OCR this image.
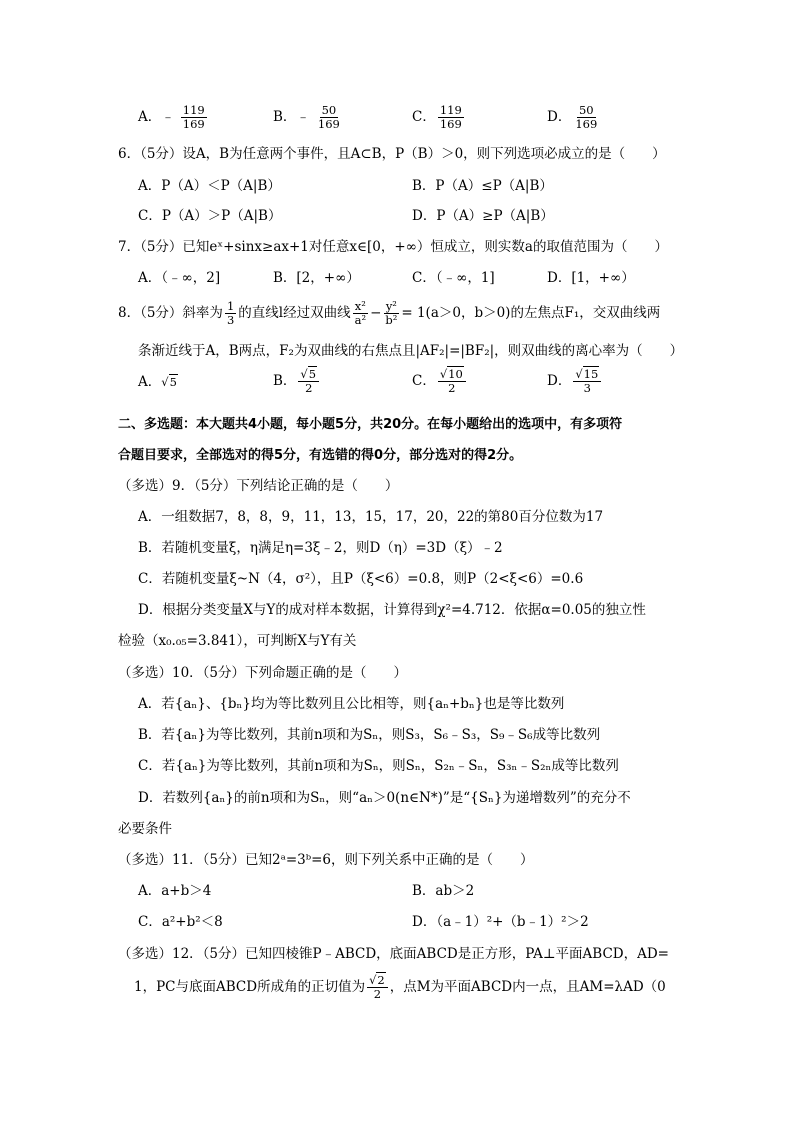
A．﹣ $\frac{119}{169}$	B．﹣ $\frac{50}{169}$	C． $\frac{119}{169}$	D． $\frac{50}{169}$
6．（5分）设A，B为任意两个事件，且A⊂B，P（B）＞0，则下列选项必成立的是（　　）
A．P（A）＜P（A|B）	B．P（A）≤P（A|B）
C．P（A）＞P（A|B）	D．P（A）≥P（A|B）
7．（5分）已知eˣ+sinx≥ax+1对任意x∈[0，+∞）恒成立，则实数a的取值范围为（　　）
A．（﹣∞，2]	B．[2，+∞）	C．（﹣∞，1]	D．[1，+∞）
8．（5分）斜率为 $\frac{1}{3}$ 的直线l经过双曲线 $\frac{\text{x²}}{\text{a²}} - \frac{\text{y²}}{\text{b²}} = 1(a>0$，b＞0)的左焦点F₁，交双曲线两
条渐近线于A，B两点，F₂为双曲线的右焦点且|AF₂|=|BF₂|，则双曲线的离心率为（　　）
A．√5	B． $\frac{√5}{2}$	C． $\frac{√10}{2}$	D． $\frac{√15}{3}$
二、多选题：本大题共4小题，每小题5分，共20分。在每小题给出的选项中，有多项符
合题目要求，全部选对的得5分，有选错的得0分，部分选对的得2分。
（多选）9．（5分）下列结论正确的是（　　）
A．一组数据7，8，8，9，11，13，15，17，20，22的第80百分位数为17
B．若随机变量ξ，η满足η=3ξ﹣2，则D（η）=3D（ξ）﹣2
C．若随机变量ξ~N（4，σ²），且P（ξ<6）=0.8，则P（2<ξ<6）=0.6
D．根据分类变量X与Y的成对样本数据，计算得到χ²=4.712．依据α=0.05的独立性
检验（x₀.₀₅=3.841），可判断X与Y有关
（多选）10．（5分）下列命题正确的是（　　）
A．若{aₙ}、{bₙ}均为等比数列且公比相等，则{aₙ+bₙ}也是等比数列
B．若{aₙ}为等比数列，其前n项和为Sₙ，则S₃，S₆﹣S₃，S₉﹣S₆成等比数列
C．若{aₙ}为等比数列，其前n项和为Sₙ，则Sₙ，S₂ₙ﹣Sₙ，S₃ₙ﹣S₂ₙ成等比数列
D．若数列{aₙ}的前n项和为Sₙ，则“aₙ＞0(n∈N*)”是“{Sₙ}为递增数列”的充分不
必要条件
（多选）11．（5分）已知2ᵃ=3ᵇ=6，则下列关系中正确的是（　　）
A．a+b＞4	B．ab＞2
C．a²+b²＜8	D．（a﹣1）²+（b﹣1）²＞2
（多选）12．（5分）已知四棱锥P﹣ABCD，底面ABCD是正方形，PA⊥平面ABCD，AD=
1，PC与底面ABCD所成角的正切值为 $\frac{√2}{2}$ ，点M为平面ABCD内一点，且AM=λAD（0
